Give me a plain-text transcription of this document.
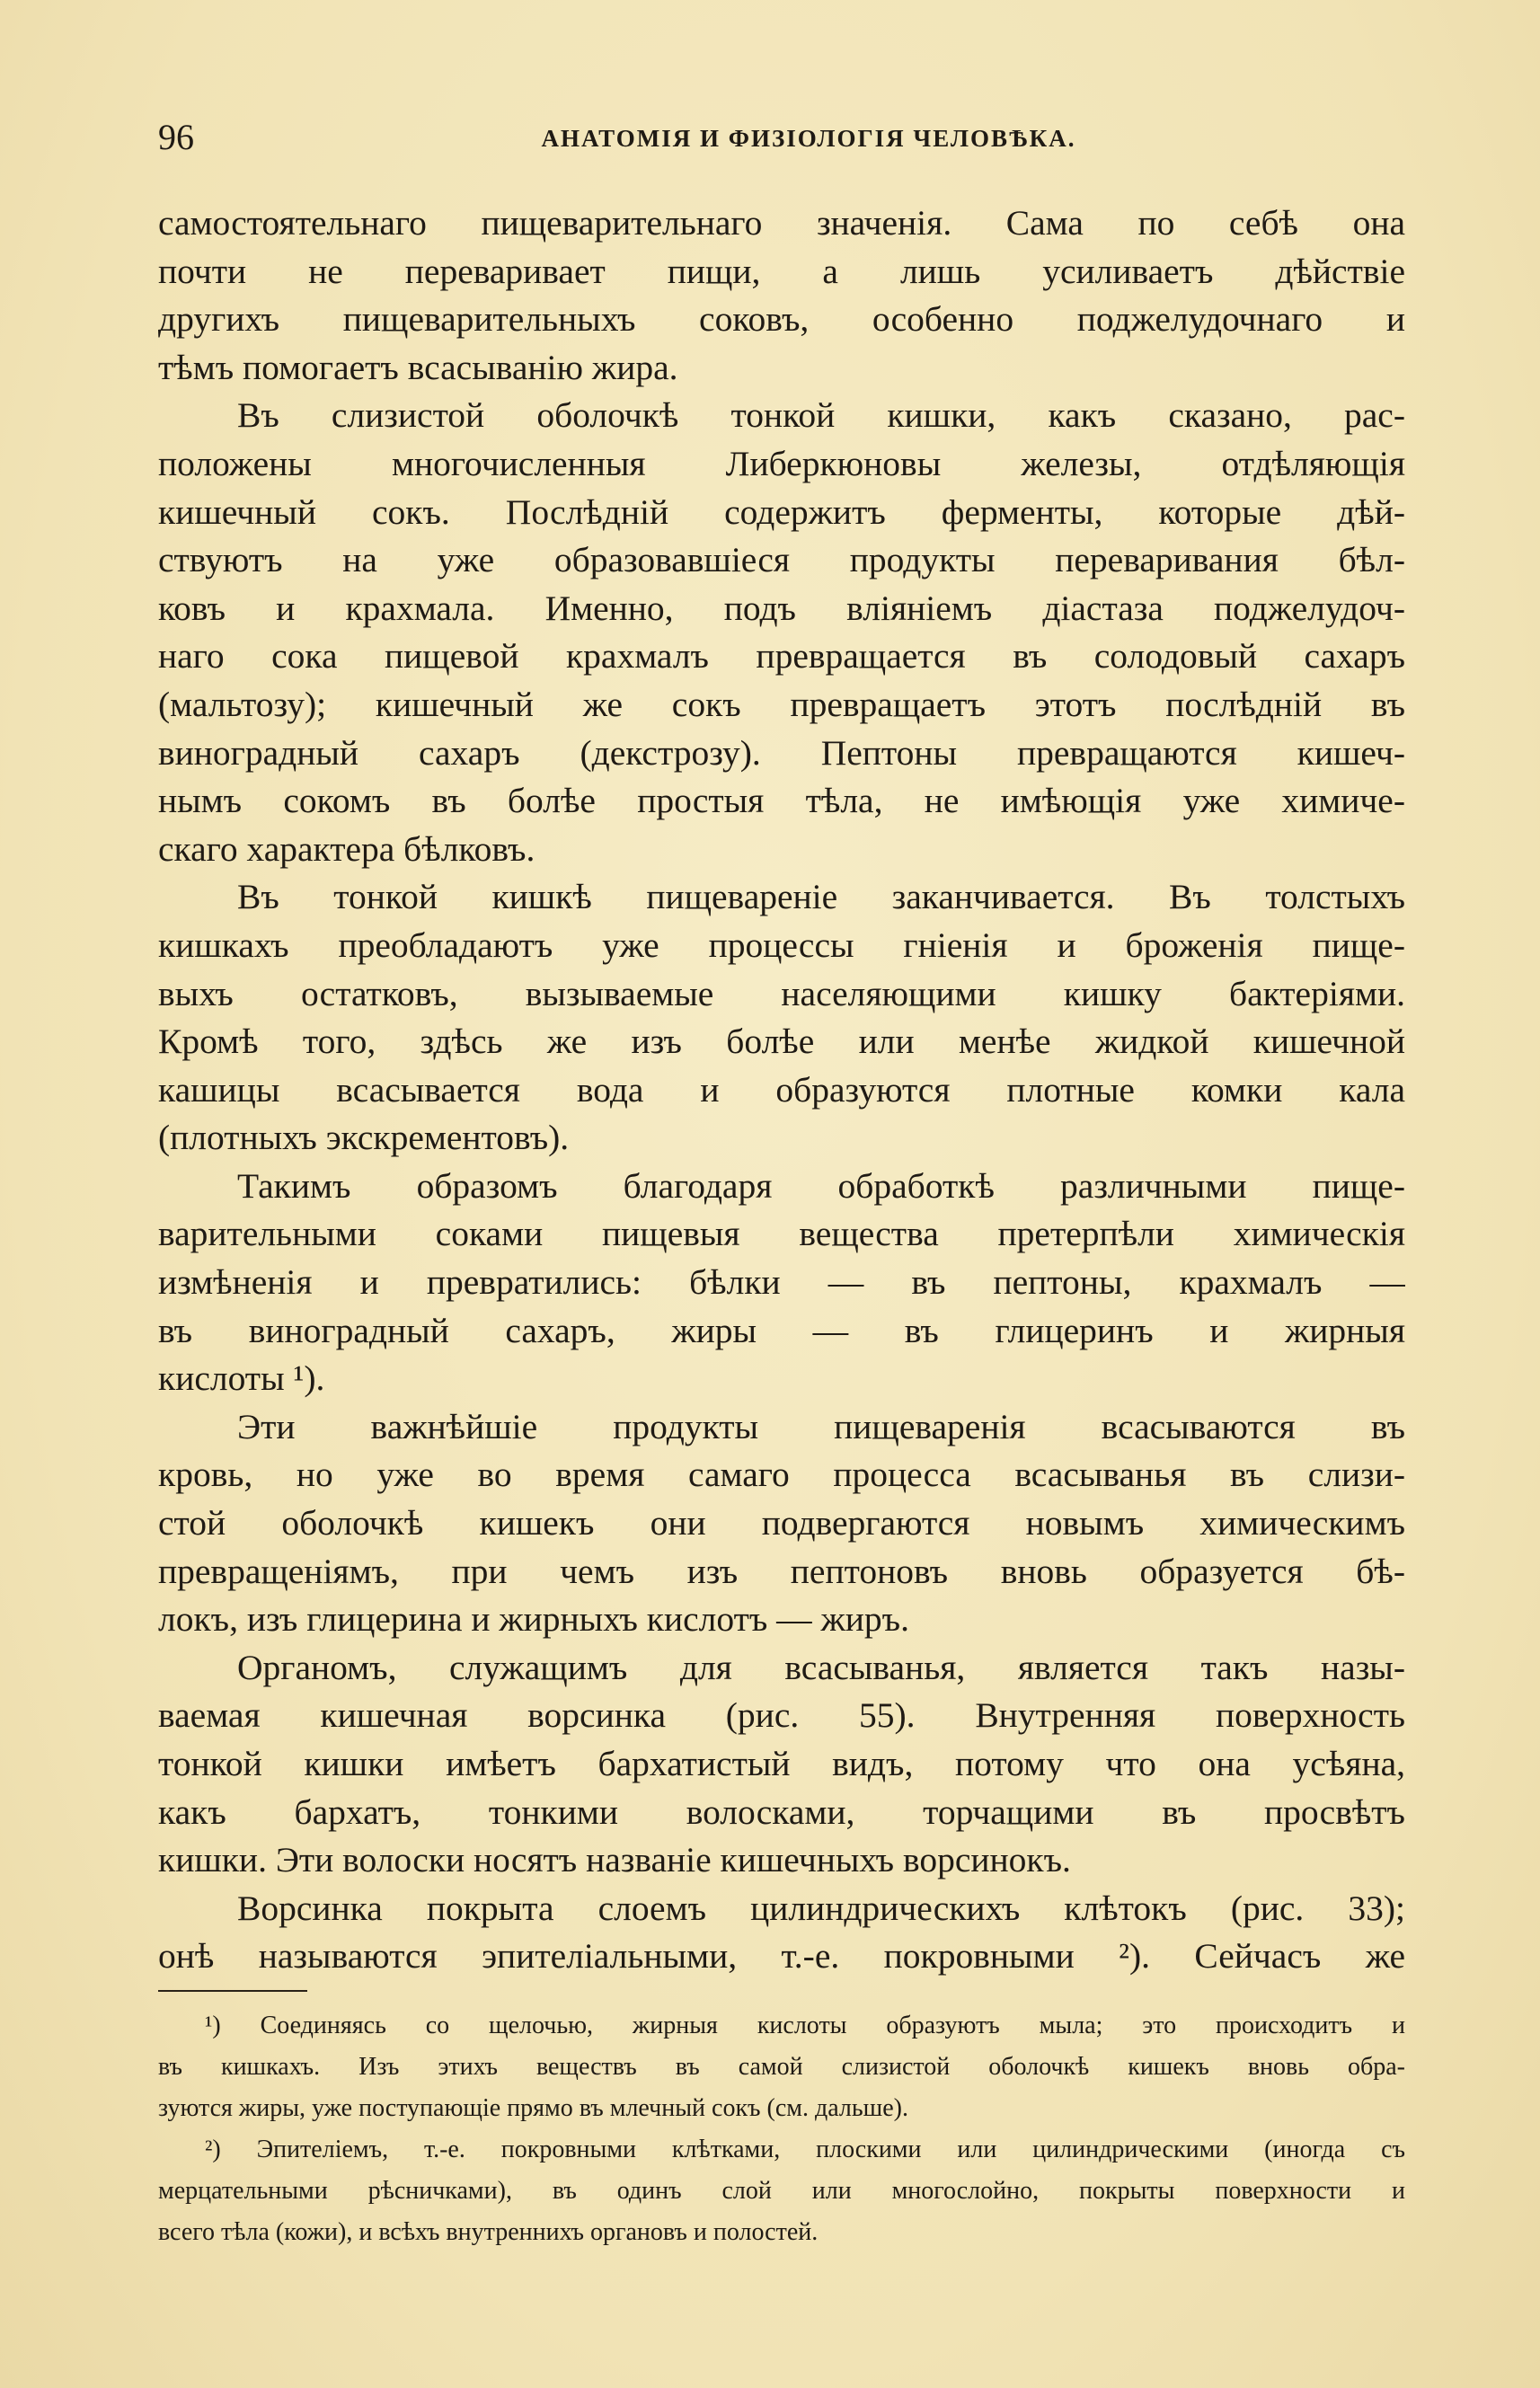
96	АНАТОМІЯ И ФИЗІОЛОГІЯ ЧЕЛОВѢКА.
самостоятельнаго пищеварительнаго значенія. Сама по себѣ она
почти не переваривает пищи, а лишь усиливаетъ дѣйствіе
другихъ пищеварительныхъ соковъ, особенно поджелудочнаго и
тѣмъ помогаетъ всасыванію жира.
Въ слизистой оболочкѣ тонкой кишки, какъ сказано, рас-
положены многочисленныя Либеркюновы железы, отдѣляющія
кишечный сокъ. Послѣдній содержитъ ферменты, которые дѣй-
ствуютъ на уже образовавшіеся продукты переваривания бѣл-
ковъ и крахмала. Именно, подъ вліяніемъ діастаза поджелудоч-
наго сока пищевой крахмалъ превращается въ солодовый сахаръ
(мальтозу); кишечный же сокъ превращаетъ этотъ послѣдній въ
виноградный сахаръ (декстрозу). Пептоны превращаются кишеч-
нымъ сокомъ въ болѣе простыя тѣла, не имѣющія уже химиче-
скаго характера бѣлковъ.
Въ тонкой кишкѣ пищевареніе заканчивается. Въ толстыхъ
кишкахъ преобладаютъ уже процессы гніенія и броженія пище-
выхъ остатковъ, вызываемые населяющими кишку бактеріями.
Кромѣ того, здѣсь же изъ болѣе или менѣе жидкой кишечной
кашицы всасывается вода и образуются плотные комки кала
(плотныхъ экскрементовъ).
Такимъ образомъ благодаря обработкѣ различными пище-
варительными соками пищевыя вещества претерпѣли химическія
измѣненія и превратились: бѣлки — въ пептоны, крахмалъ —
въ виноградный сахаръ, жиры — въ глицеринъ и жирныя
кислоты ¹).
Эти важнѣйшіе продукты пищеваренія всасываются въ
кровь, но уже во время самаго процесса всасыванья въ слизи-
стой оболочкѣ кишекъ они подвергаются новымъ химическимъ
превращеніямъ, при чемъ изъ пептоновъ вновь образуется бѣ-
локъ, изъ глицерина и жирныхъ кислотъ — жиръ.
Органомъ, служащимъ для всасыванья, является такъ назы-
ваемая кишечная ворсинка (рис. 55). Внутренняя поверхность
тонкой кишки имѣетъ бархатистый видъ, потому что она усѣяна,
какъ бархатъ, тонкими волосками, торчащими въ просвѣтъ
кишки. Эти волоски носятъ названіе кишечныхъ ворсинокъ.
Ворсинка покрыта слоемъ цилиндрическихъ клѣтокъ (рис. 33);
онѣ называются эпителіальными, т.-е. покровными ²). Сейчасъ же
¹) Соединяясь со щелочью, жирныя кислоты образуютъ мыла; это происходитъ и
въ кишкахъ. Изъ этихъ веществъ въ самой слизистой оболочкѣ кишекъ вновь обра-
зуются жиры, уже поступающіе прямо въ млечный сокъ (см. дальше).
²) Эпителіемъ, т.-е. покровными клѣтками, плоскими или цилиндрическими (иногда съ
мерцательными рѣсничками), въ одинъ слой или многослойно, покрыты поверхности и
всего тѣла (кожи), и всѣхъ внутреннихъ органовъ и полостей.
